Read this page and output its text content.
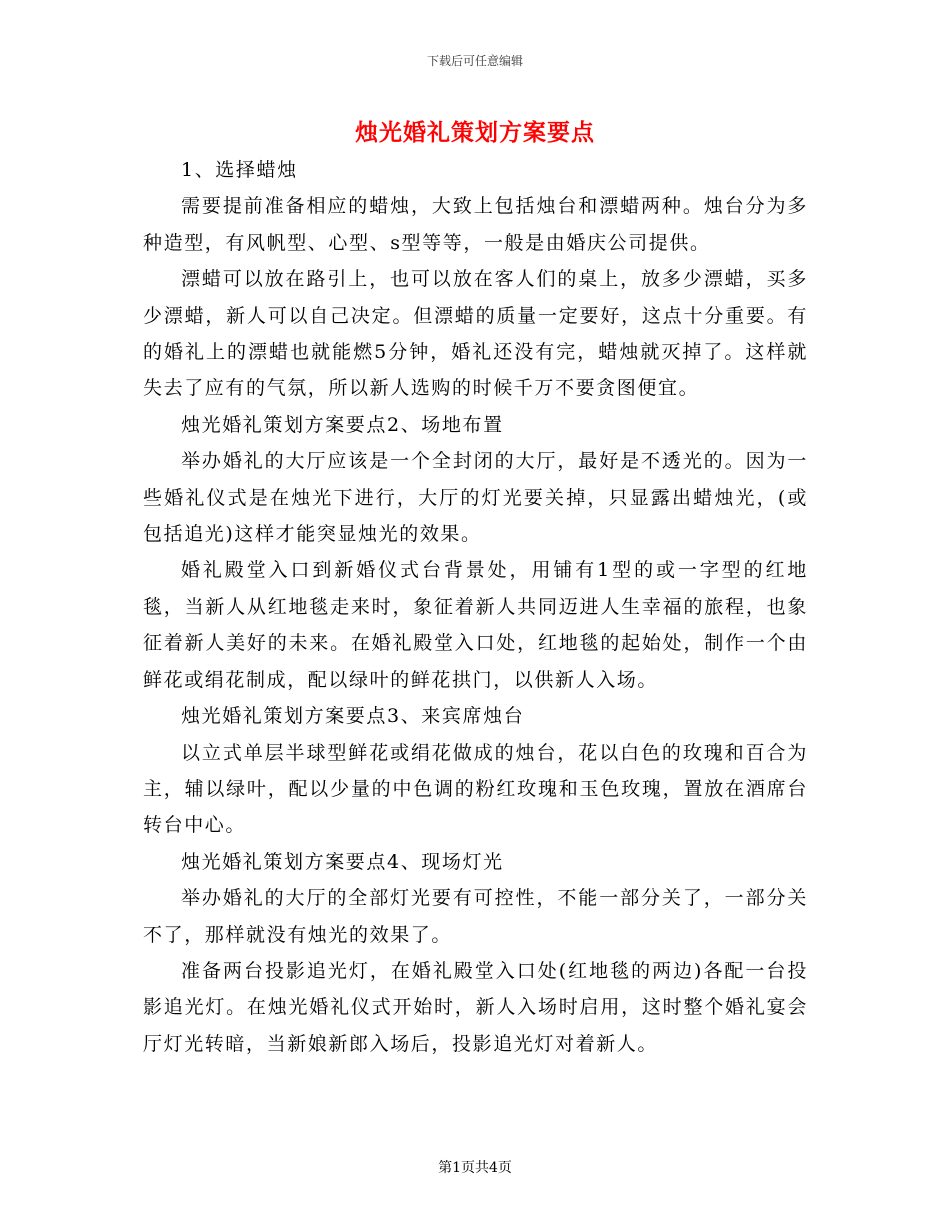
下载后可任意编辑
烛光婚礼策划方案要点

1、选择蜡烛

需要提前准备相应的蜡烛，大致上包括烛台和漂蜡两种。烛台分为多种造型，有风帆型、心型、s型等等，一般是由婚庆公司提供。

漂蜡可以放在路引上，也可以放在客人们的桌上，放多少漂蜡，买多少漂蜡，新人可以自己决定。但漂蜡的质量一定要好，这点十分重要。有的婚礼上的漂蜡也就能燃5分钟，婚礼还没有完，蜡烛就灭掉了。这样就失去了应有的气氛，所以新人选购的时候千万不要贪图便宜。

烛光婚礼策划方案要点2、场地布置

举办婚礼的大厅应该是一个全封闭的大厅，最好是不透光的。因为一些婚礼仪式是在烛光下进行，大厅的灯光要关掉，只显露出蜡烛光，(或包括追光)这样才能突显烛光的效果。

婚礼殿堂入口到新婚仪式台背景处，用铺有1型的或一字型的红地毯，当新人从红地毯走来时，象征着新人共同迈进人生幸福的旅程，也象征着新人美好的未来。在婚礼殿堂入口处，红地毯的起始处，制作一个由鲜花或绢花制成，配以绿叶的鲜花拱门，以供新人入场。

烛光婚礼策划方案要点3、来宾席烛台

以立式单层半球型鲜花或绢花做成的烛台，花以白色的玫瑰和百合为主，辅以绿叶，配以少量的中色调的粉红玫瑰和玉色玫瑰，置放在酒席台转台中心。

烛光婚礼策划方案要点4、现场灯光

举办婚礼的大厅的全部灯光要有可控性，不能一部分关了，一部分关不了，那样就没有烛光的效果了。

准备两台投影追光灯，在婚礼殿堂入口处(红地毯的两边)各配一台投影追光灯。在烛光婚礼仪式开始时，新人入场时启用，这时整个婚礼宴会厅灯光转暗，当新娘新郎入场后，投影追光灯对着新人。

第1页共4页
